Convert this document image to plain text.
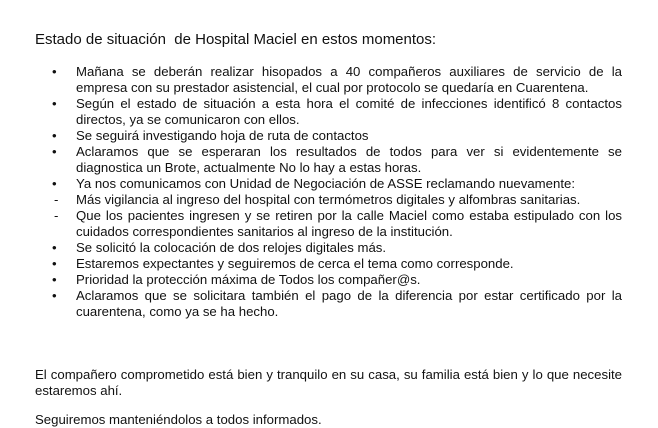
Estado de situación  de Hospital Maciel en estos momentos:
•	Mañana se deberán realizar hisopados a 40 compañeros auxiliares de servicio de la empresa con su prestador asistencial, el cual por protocolo se quedaría en Cuarentena.
•	Según el estado de situación a esta hora el comité de infecciones identificó 8 contactos directos, ya se comunicaron con ellos.
•	Se seguirá investigando hoja de ruta de contactos
•	Aclaramos que se esperaran los resultados de todos para ver si evidentemente se diagnostica un Brote, actualmente No lo hay a estas horas.
•	Ya nos comunicamos con Unidad de Negociación de ASSE reclamando nuevamente:
-	Más vigilancia al ingreso del hospital con termómetros digitales y alfombras sanitarias.
-	Que los pacientes ingresen y se retiren por la calle Maciel como estaba estipulado con los cuidados correspondientes sanitarios al ingreso de la institución.
•	Se solicitó la colocación de dos relojes digitales más.
•	Estaremos expectantes y seguiremos de cerca el tema como corresponde.
•	Prioridad la protección máxima de Todos los compañer@s.
•	Aclaramos que se solicitara también el pago de la diferencia por estar certificado por la cuarentena, como ya se ha hecho.
El compañero comprometido está bien y tranquilo en su casa, su familia está bien y lo que necesite estaremos ahí.
Seguiremos manteniéndolos a todos informados.
